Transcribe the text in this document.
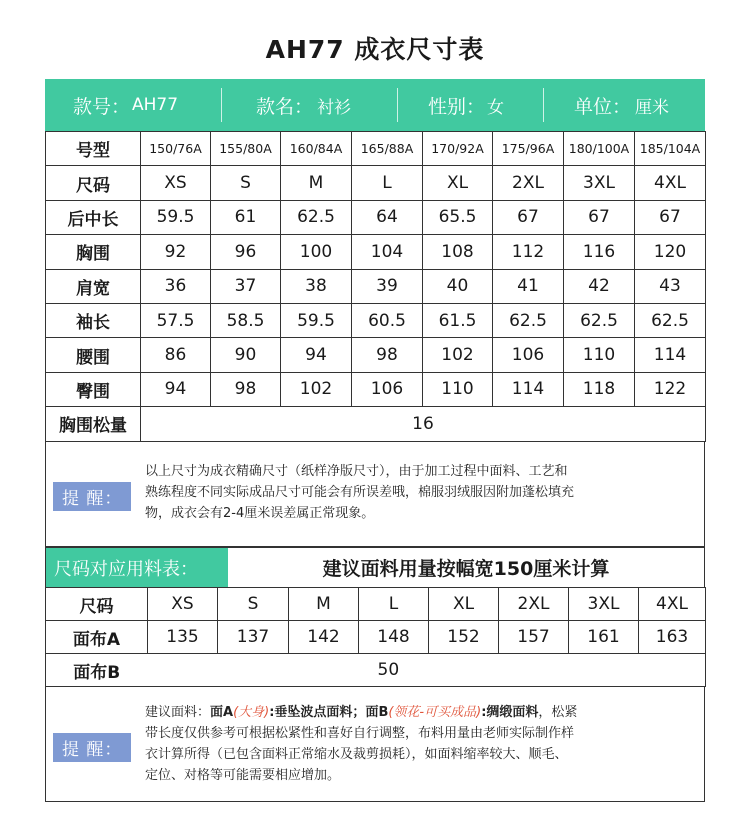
AH77 成衣尺寸表
款号： AH77	款名： 衬衫	性别： 女	单位： 厘米
号型	150/76A	155/80A	160/84A	165/88A	170/92A	175/96A	180/100A	185/104A
尺码	XS	S	M	L	XL	2XL	3XL	4XL
后中长	59.5	61	62.5	64	65.5	67	67	67
胸围	92	96	100	104	108	112	116	120
肩宽	36	37	38	39	40	41	42	43
袖长	57.5	58.5	59.5	60.5	61.5	62.5	62.5	62.5
腰围	86	90	94	98	102	106	110	114
臀围	94	98	102	106	110	114	118	122
胸围松量	16							
提 醒：
以上尺寸为成衣精确尺寸（纸样净版尺寸），由于加工过程中面料、工艺和
熟练程度不同实际成品尺寸可能会有所误差哦，棉服羽绒服因附加蓬松填充
物，成衣会有2-4厘米误差属正常现象。
尺码对应用料表：	建议面料用量按幅宽150厘米计算
尺码	XS	S	M	L	XL	2XL	3XL	4XL
面布A	135	137	142	148	152	157	161	163
面布B	50							
提 醒：
建议面料：面A(大身):垂坠波点面料；面B(领花-可买成品):绸缎面料，松紧
带长度仅供参考可根据松紧性和喜好自行调整，布料用量由老师实际制作样
衣计算所得（已包含面料正常缩水及裁剪损耗），如面料缩率较大、顺毛、
定位、对格等可能需要相应增加。
